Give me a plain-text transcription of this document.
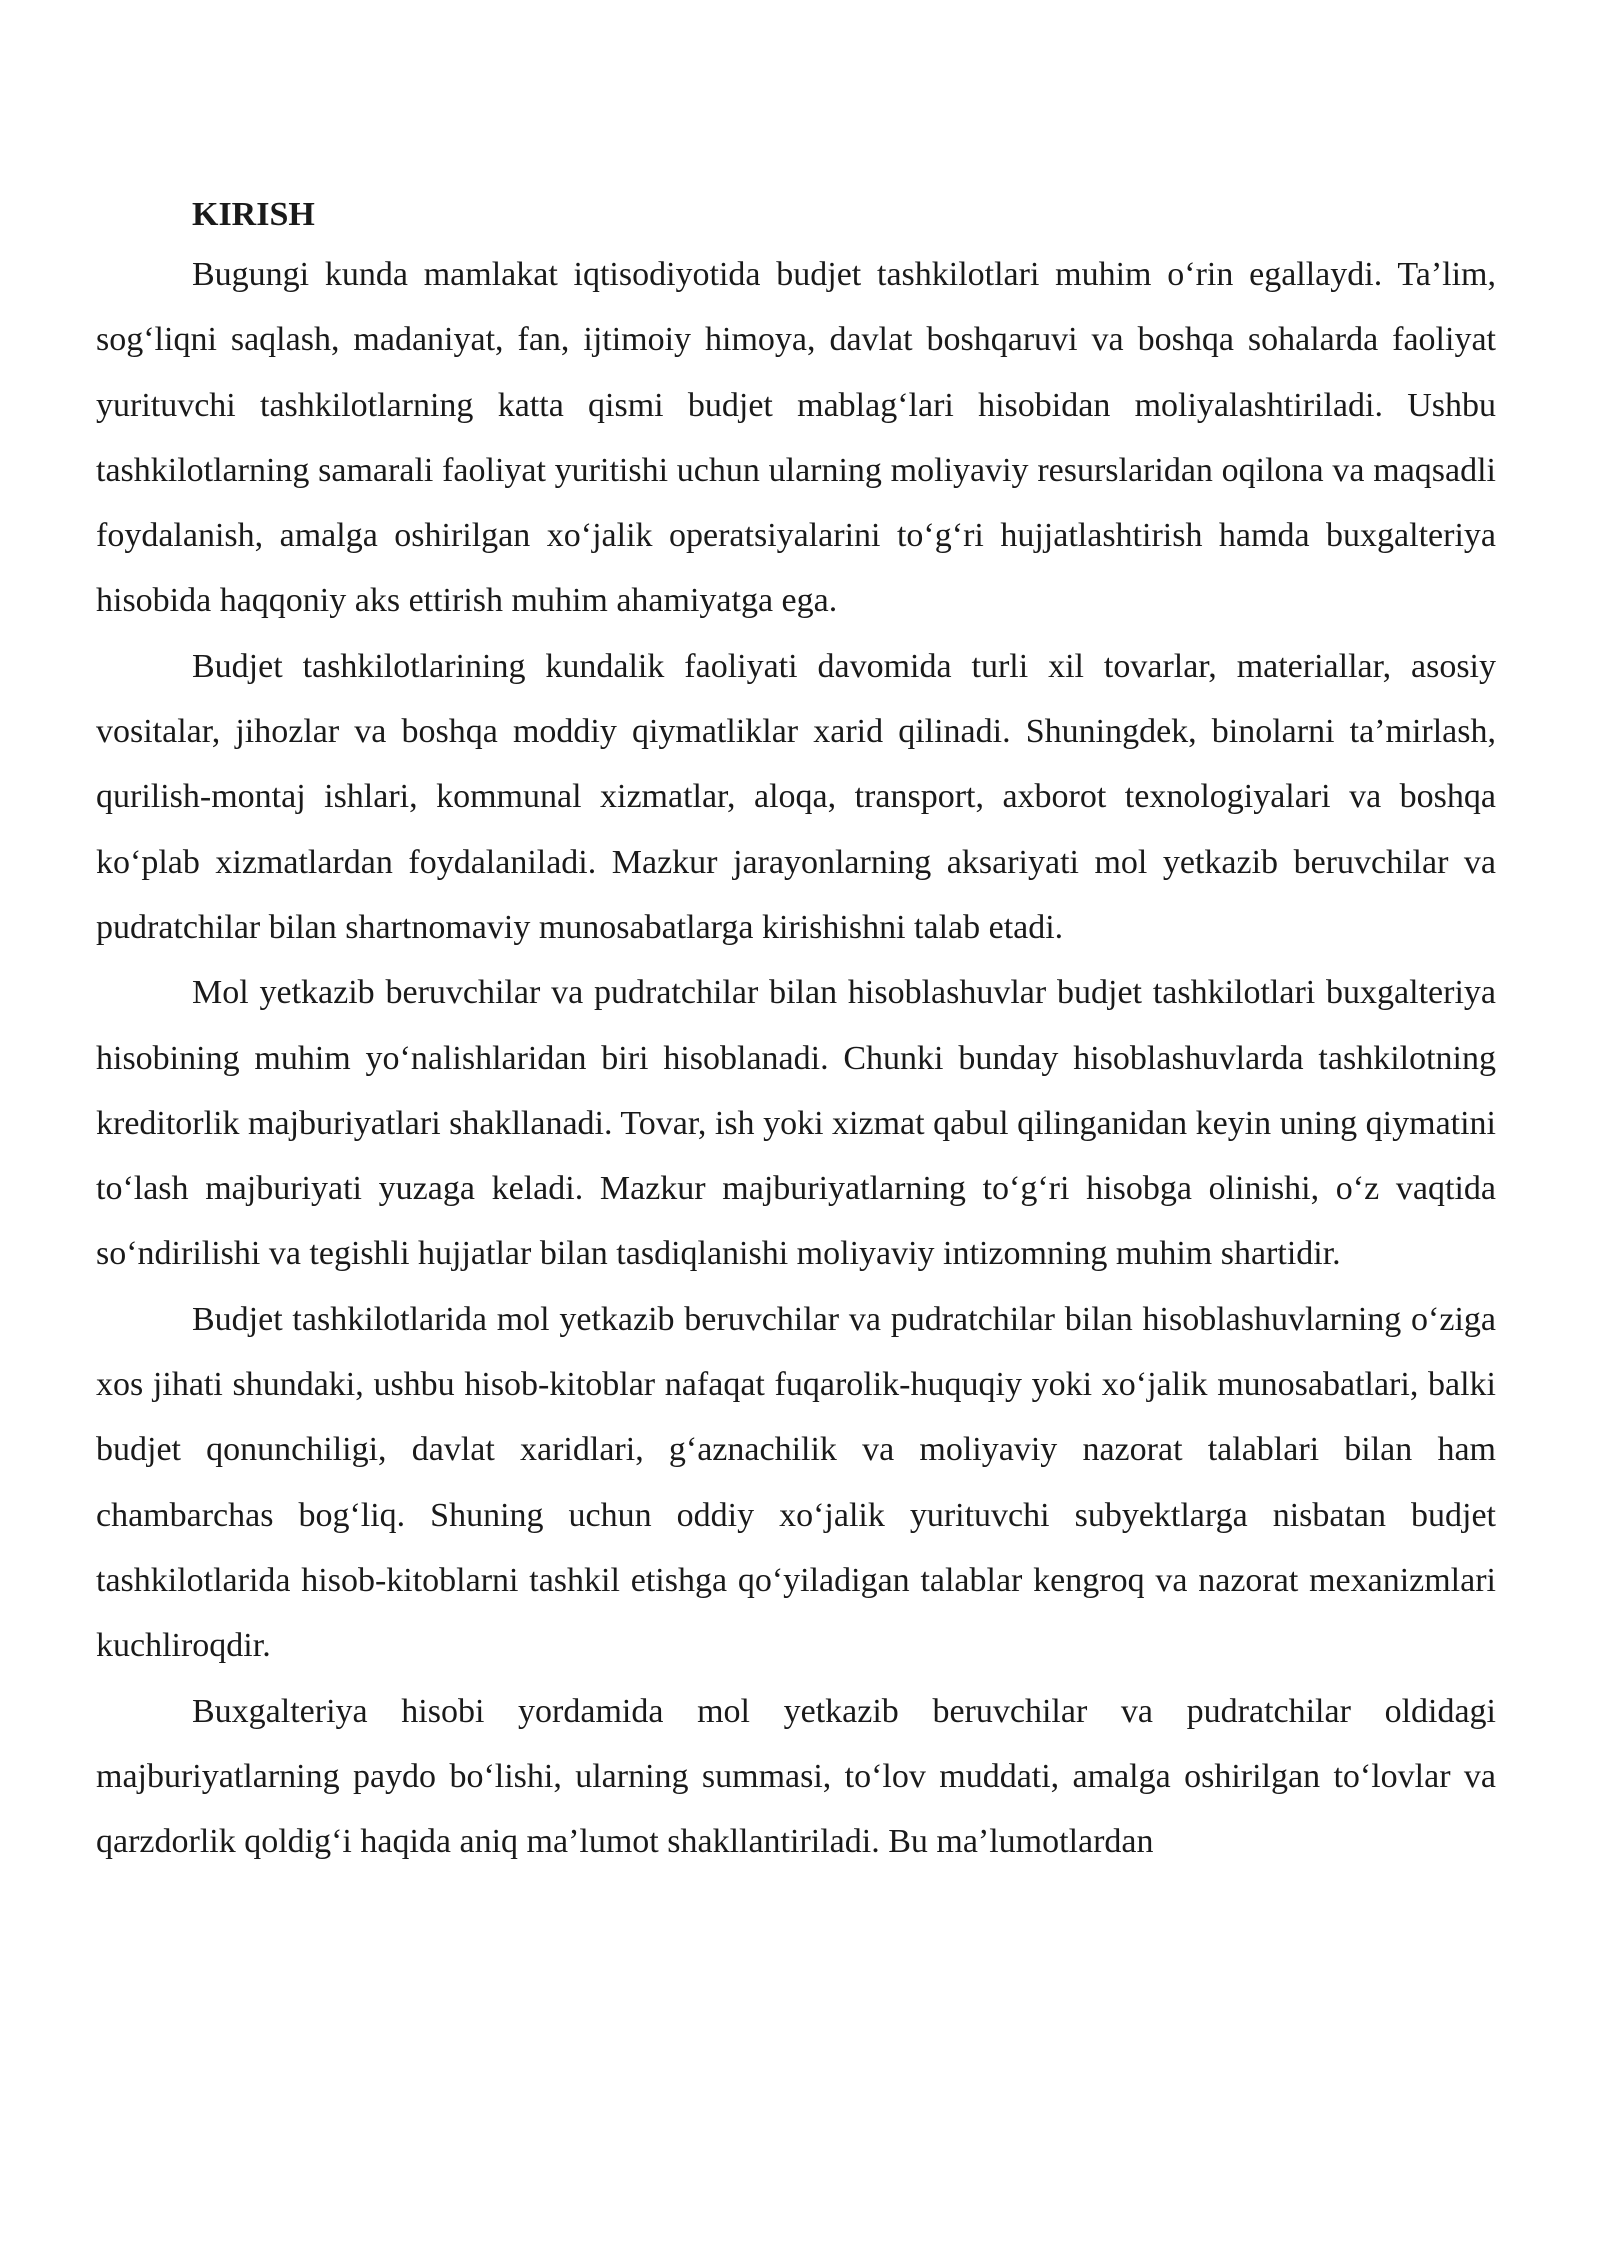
KIRISH

Bugungi kunda mamlakat iqtisodiyotida budjet tashkilotlari muhim o‘rin egallaydi. Ta’lim, sog‘liqni saqlash, madaniyat, fan, ijtimoiy himoya, davlat boshqaruvi va boshqa sohalarda faoliyat yurituvchi tashkilotlarning katta qismi budjet mablag‘lari hisobidan moliyalashtiriladi. Ushbu tashkilotlarning samarali faoliyat yuritishi uchun ularning moliyaviy resurslaridan oqilona va maqsadli foydalanish, amalga oshirilgan xo‘jalik operatsiyalarini to‘g‘ri hujjatlashtirish hamda buxgalteriya hisobida haqqoniy aks ettirish muhim ahamiyatga ega.

Budjet tashkilotlarining kundalik faoliyati davomida turli xil tovarlar, materiallar, asosiy vositalar, jihozlar va boshqa moddiy qiymatliklar xarid qilinadi. Shuningdek, binolarni ta’mirlash, qurilish-montaj ishlari, kommunal xizmatlar, aloqa, transport, axborot texnologiyalari va boshqa ko‘plab xizmatlardan foydalaniladi. Mazkur jarayonlarning aksariyati mol yetkazib beruvchilar va pudratchilar bilan shartnomaviy munosabatlarga kirishishni talab etadi.

Mol yetkazib beruvchilar va pudratchilar bilan hisoblashuvlar budjet tashkilotlari buxgalteriya hisobining muhim yo‘nalishlaridan biri hisoblanadi. Chunki bunday hisoblashuvlarda tashkilotning kreditorlik majburiyatlari shakllanadi. Tovar, ish yoki xizmat qabul qilinganidan keyin uning qiymatini to‘lash majburiyati yuzaga keladi. Mazkur majburiyatlarning to‘g‘ri hisobga olinishi, o‘z vaqtida so‘ndirilishi va tegishli hujjatlar bilan tasdiqlanishi moliyaviy intizomning muhim shartidir.

Budjet tashkilotlarida mol yetkazib beruvchilar va pudratchilar bilan hisoblashuvlarning o‘ziga xos jihati shundaki, ushbu hisob-kitoblar nafaqat fuqarolik-huquqiy yoki xo‘jalik munosabatlari, balki budjet qonunchiligi, davlat xaridlari, g‘aznachilik va moliyaviy nazorat talablari bilan ham chambarchas bog‘liq. Shuning uchun oddiy xo‘jalik yurituvchi subyektlarga nisbatan budjet tashkilotlarida hisob-kitoblarni tashkil etishga qo‘yiladigan talablar kengroq va nazorat mexanizmlari kuchliroqdir.

Buxgalteriya hisobi yordamida mol yetkazib beruvchilar va pudratchilar oldidagi majburiyatlarning paydo bo‘lishi, ularning summasi, to‘lov muddati, amalga oshirilgan to‘lovlar va qarzdorlik qoldig‘i haqida aniq ma’lumot shakllantiriladi. Bu ma’lumotlardan
